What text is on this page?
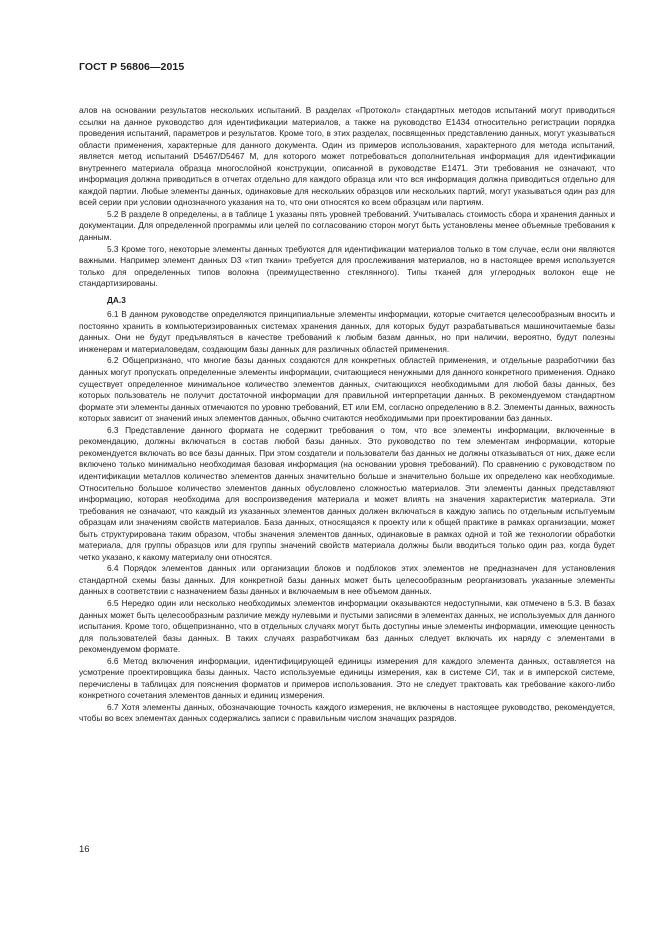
ГОСТ Р 56806—2015

алов на основании результатов нескольких испытаний. В разделах «Протокол» стандартных методов испытаний могут приводиться ссылки на данное руководство для идентификации материалов, а также на руководство Е1434 относительно регистрации порядка проведения испытаний, параметров и результатов. Кроме того, в этих разделах, посвященных представлению данных, могут указываться области применения, характерные для данного документа. Один из примеров использования, характерного для метода испытаний, является метод испытаний D5467/D5467 М, для которого может потребоваться дополнительная информация для идентификации внутреннего материала образца многослойной конструкции, описанной в руководстве Е1471. Эти требования не означают, что информация должна приводиться в отчетах отдельно для каждого образца или что вся информация должна приводиться отдельно для каждой партии. Любые элементы данных, одинаковые для нескольких образцов или нескольких партий, могут указываться один раз для всей серии при условии однозначного указания на то, что они относятся ко всем образцам или партиям.

5.2 В разделе 8 определены, а в таблице 1 указаны пять уровней требований. Учитывалась стоимость сбора и хранения данных и документации. Для определенной программы или целей по согласованию сторон могут быть установлены менее объемные требования к данным.

5.3 Кроме того, некоторые элементы данных требуются для идентификации материалов только в том случае, если они являются важными. Например элемент данных D3 «тип ткани» требуется для прослеживания материалов, но в настоящее время используется только для определенных типов волокна (преимущественно стеклянного). Типы тканей для углеродных волокон еще не стандартизированы.

ДА.3

6.1 В данном руководстве определяются принципиальные элементы информации, которые считается целесообразным вносить и постоянно хранить в компьютеризированных системах хранения данных, для которых будут разрабатываться машиночитаемые базы данных. Они не будут предъявляться в качестве требований к любым базам данных, но при наличии, вероятно, будут полезны инженерам и материаловедам, создающим базы данных для различных областей применения.

6.2 Общепризнано, что многие базы данных создаются для конкретных областей применения, и отдельные разработчики баз данных могут пропускать определенные элементы информации, считающиеся ненужными для данного конкретного применения. Однако существует определенное минимальное количество элементов данных, считающихся необходимыми для любой базы данных, без которых пользователь не получит достаточной информации для правильной интерпретации данных. В рекомендуемом стандартном формате эти элементы данных отмечаются по уровню требований, ЕТ или ЕМ, согласно определению в 8.2. Элементы данных, важность которых зависит от значений иных элементов данных, обычно считаются необходимыми при проектировании баз данных.

6.3 Представление данного формата не содержит требования о том, что все элементы информации, включенные в рекомендацию, должны включаться в состав любой базы данных. Это руководство по тем элементам информации, которые рекомендуется включать во все базы данных. При этом создатели и пользователи баз данных не должны отказываться от них, даже если включено только минимально необходимая базовая информация (на основании уровня требований). По сравнению с руководством по идентификации металлов количество элементов данных значительно больше и значительно больше их определено как необходимые. Относительно большое количество элементов данных обусловлено сложностью материалов. Эти элементы данных представляют информацию, которая необходима для воспроизведения материала и может влиять на значения характеристик материала. Эти требования не означают, что каждый из указанных элементов данных должен включаться в каждую запись по отдельным испытуемым образцам или значениям свойств материалов. База данных, относящаяся к проекту или к общей практике в рамках организации, может быть структурирована таким образом, чтобы значения элементов данных, одинаковые в рамках одной и той же технологии обработки материала, для группы образцов или для группы значений свойств материала должны были вводиться только один раз, когда будет четко указано, к какому материалу они относятся.

6.4 Порядок элементов данных или организации блоков и подблоков этих элементов не предназначен для установления стандартной схемы базы данных. Для конкретной базы данных может быть целесообразным реорганизовать указанные элементы данных в соответствии с назначением базы данных и включаемым в нее объемом данных.

6.5 Нередко один или несколько необходимых элементов информации оказываются недоступными, как отмечено в 5.3. В базах данных может быть целесообразным различие между нулевыми и пустыми записями в элементах данных, не используемых для данного испытания. Кроме того, общепризнанно, что в отдельных случаях могут быть доступны иные элементы информации, имеющие ценность для пользователей базы данных. В таких случаях разработчикам баз данных следует включать их наряду с элементами в рекомендуемом формате.

6.6 Метод включения информации, идентифицирующей единицы измерения для каждого элемента данных, оставляется на усмотрение проектировщика базы данных. Часто используемые единицы измерения, как в системе СИ, так и в имперской системе, перечислены в таблицах для пояснения форматов и примеров использования. Это не следует трактовать как требование какого-либо конкретного сочетания элементов данных и единиц измерения.

6.7 Хотя элементы данных, обозначающие точность каждого измерения, не включены в настоящее руководство, рекомендуется, чтобы во всех элементах данных содержались записи с правильным числом значащих разрядов.

16
